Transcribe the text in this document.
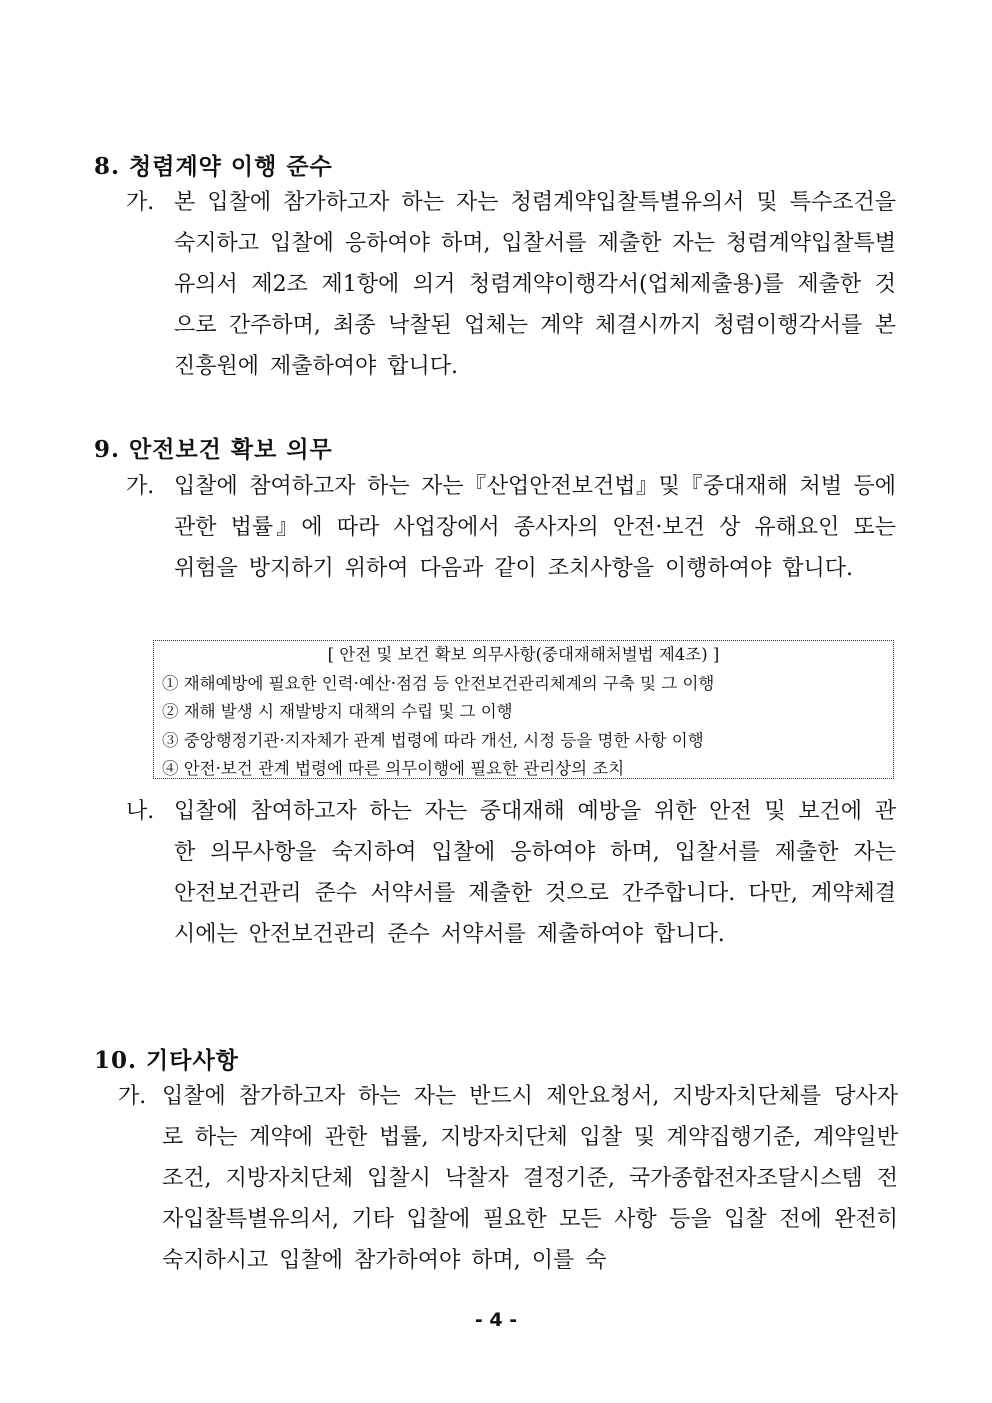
8. 청렴계약 이행 준수
가. 본 입찰에 참가하고자 하는 자는 청렴계약입찰특별유의서 및 특수조건을 숙지하고 입찰에 응하여야 하며, 입찰서를 제출한 자는 청렴계약입찰특별유의서 제2조 제1항에 의거 청렴계약이행각서(업체제출용)를 제출한 것으로 간주하며, 최종 낙찰된 업체는 계약 체결시까지 청렴이행각서를 본 진흥원에 제출하여야 합니다.
9. 안전보건 확보 의무
가. 입찰에 참여하고자 하는 자는『산업안전보건법』및『중대재해 처벌 등에 관한 법률』에 따라 사업장에서 종사자의 안전·보건 상 유해요인 또는 위험을 방지하기 위하여 다음과 같이 조치사항을 이행하여야 합니다.
[ 안전 및 보건 확보 의무사항(중대재해처벌법 제4조) ]
① 재해예방에 필요한 인력·예산·점검 등 안전보건관리체계의 구축 및 그 이행
② 재해 발생 시 재발방지 대책의 수립 및 그 이행
③ 중앙행정기관·지자체가 관계 법령에 따라 개선, 시정 등을 명한 사항 이행
④ 안전·보건 관계 법령에 따른 의무이행에 필요한 관리상의 조치
나. 입찰에 참여하고자 하는 자는 중대재해 예방을 위한 안전 및 보건에 관한 의무사항을 숙지하여 입찰에 응하여야 하며, 입찰서를 제출한 자는 안전보건관리 준수 서약서를 제출한 것으로 간주합니다. 다만, 계약체결 시에는 안전보건관리 준수 서약서를 제출하여야 합니다.
10. 기타사항
가. 입찰에 참가하고자 하는 자는 반드시 제안요청서, 지방자치단체를 당사자로 하는 계약에 관한 법률, 지방자치단체 입찰 및 계약집행기준, 계약일반조건, 지방자치단체 입찰시 낙찰자 결정기준, 국가종합전자조달시스템 전자입찰특별유의서, 기타 입찰에 필요한 모든 사항 등을 입찰 전에 완전히 숙지하시고 입찰에 참가하여야 하며, 이를 숙
- 4 -
